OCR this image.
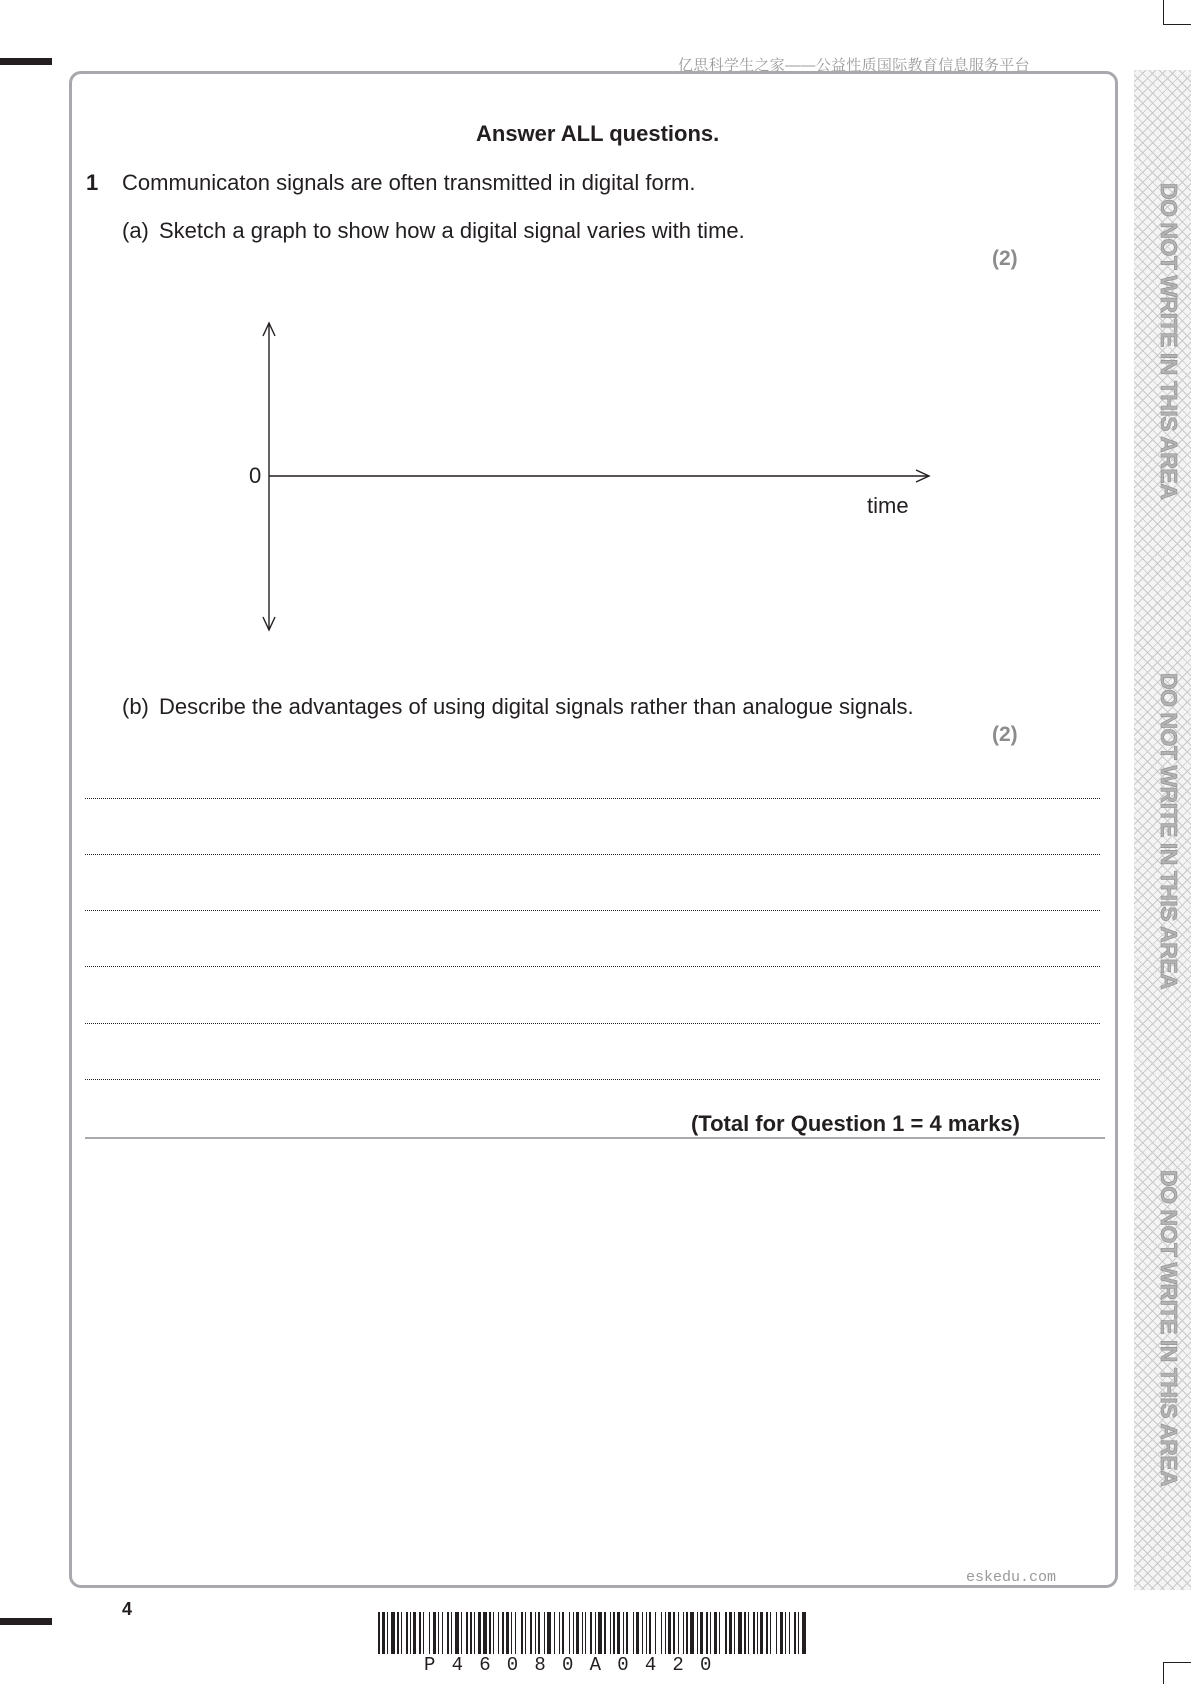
亿思科学生之家——公益性质国际教育信息服务平台
DO NOT WRITE IN THIS AREA
DO NOT WRITE IN THIS AREA
DO NOT WRITE IN THIS AREA
Answer ALL questions.
1 Communicaton signals are often transmitted in digital form.
(a) Sketch a graph to show how a digital signal varies with time.
(2)
0
time
(b) Describe the advantages of using digital signals rather than analogue signals.
(2)
(Total for Question 1 = 4 marks)
eskedu.com
4
P 4 6 0 8 0 A 0 4 2 0
